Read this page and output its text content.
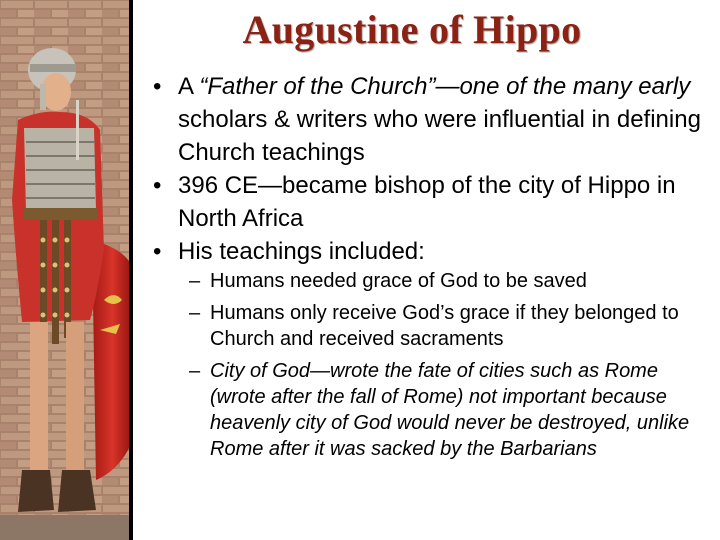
Augustine of Hippo
• A “Father of the Church”—one of the many early scholars & writers who were influential in defining Church teachings
• 396 CE—became bishop of the city of Hippo in North Africa
• His teachings included:
– Humans needed grace of God to be saved
– Humans only receive God’s grace if they belonged to Church and received sacraments
– City of God—wrote the fate of cities such as Rome (wrote after the fall of Rome) not important because heavenly city of God would never be destroyed, unlike Rome after it was sacked by the Barbarians
